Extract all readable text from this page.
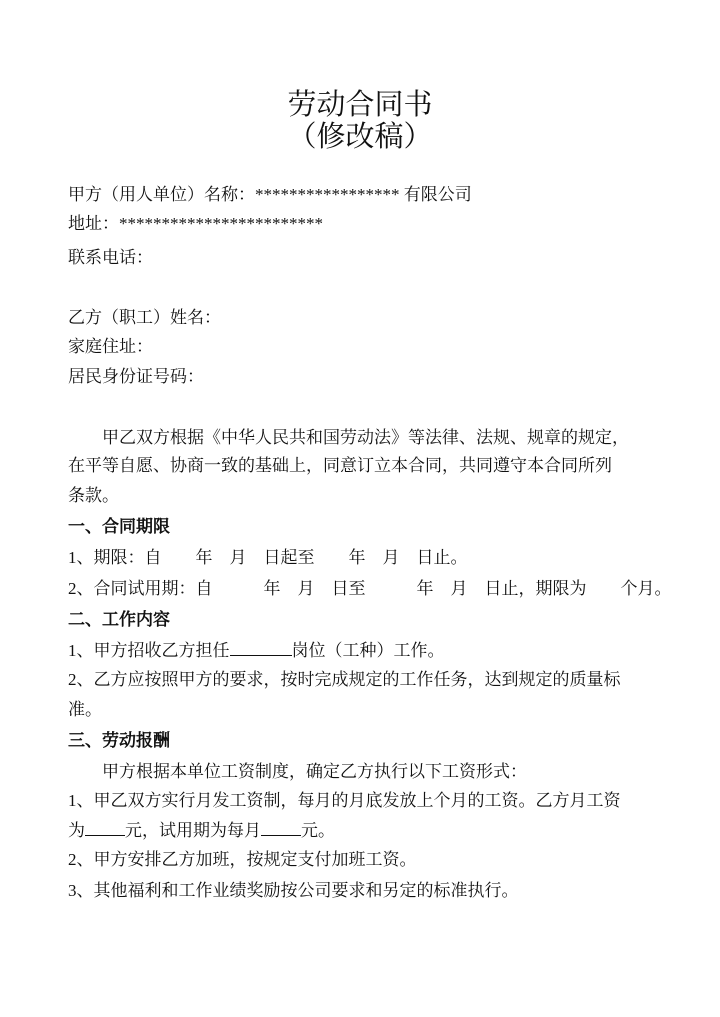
劳动合同书
（修改稿）
甲方（用人单位）名称：***************** 有限公司
地址：************************
联系电话：
乙方（职工）姓名：
家庭住址：
居民身份证号码：
甲乙双方根据《中华人民共和国劳动法》等法律、法规、规章的规定，
在平等自愿、协商一致的基础上，同意订立本合同，共同遵守本合同所列
条款。
一、合同期限
1、期限：自　　年　月　日起至　　年　月　日止。
2、合同试用期：自　　　年　月　日至　　　年　月　日止，期限为　　个月。
二、工作内容
1、甲方招收乙方担任	岗位（工种）工作。
2、乙方应按照甲方的要求，按时完成规定的工作任务，达到规定的质量标
准。
三、劳动报酬
甲方根据本单位工资制度，确定乙方执行以下工资形式：
1、甲乙双方实行月发工资制，每月的月底发放上个月的工资。乙方月工资
为 元，试用期为每月 元。
2、甲方安排乙方加班，按规定支付加班工资。
3、其他福利和工作业绩奖励按公司要求和另定的标准执行。
